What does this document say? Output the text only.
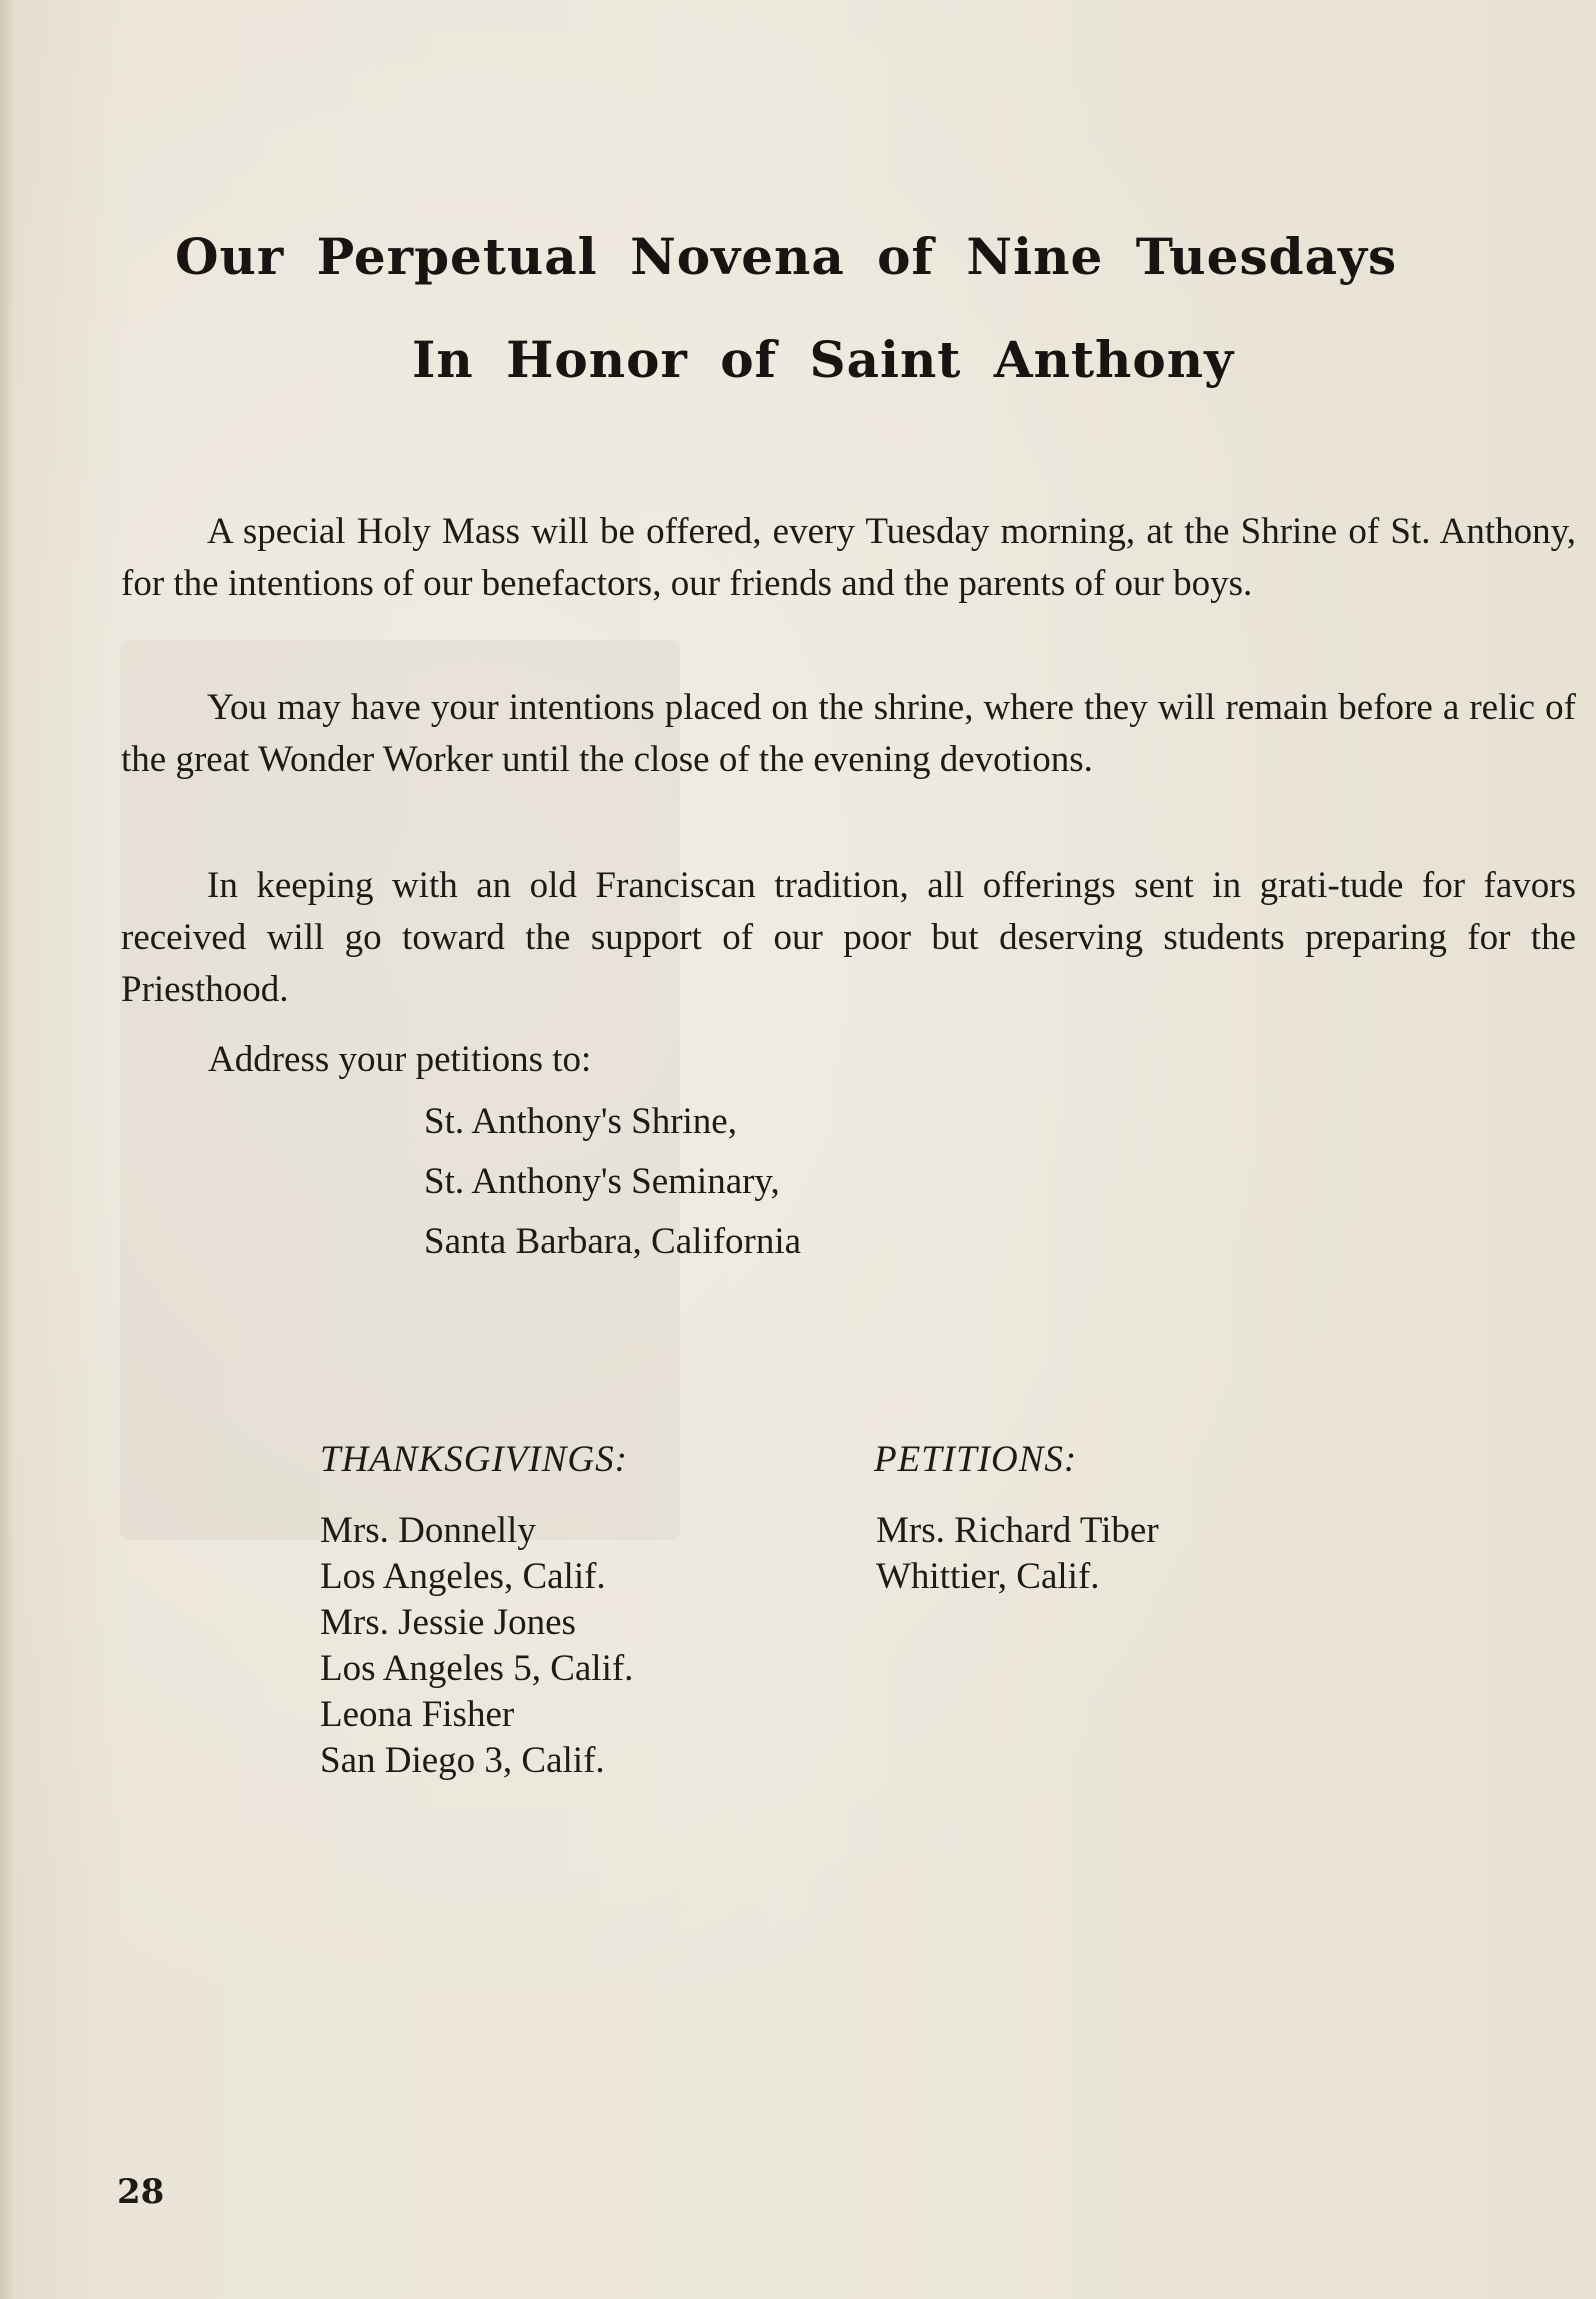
Our Perpetual Novena of Nine Tuesdays
In Honor of Saint Anthony

A special Holy Mass will be offered, every Tuesday morning, at the Shrine of St. Anthony, for the intentions of our benefactors, our friends and the parents of our boys.

You may have your intentions placed on the shrine, where they will remain before a relic of the great Wonder Worker until the close of the evening devotions.

In keeping with an old Franciscan tradition, all offerings sent in grati-tude for favors received will go toward the support of our poor but deserving students preparing for the Priesthood.

Address your petitions to:

St. Anthony's Shrine,
St. Anthony's Seminary,
Santa Barbara, California

THANKSGIVINGS:

Mrs. Donnelly
Los Angeles, Calif.
Mrs. Jessie Jones
Los Angeles 5, Calif.
Leona Fisher
San Diego 3, Calif.

PETITIONS:

Mrs. Richard Tiber
Whittier, Calif.
28
